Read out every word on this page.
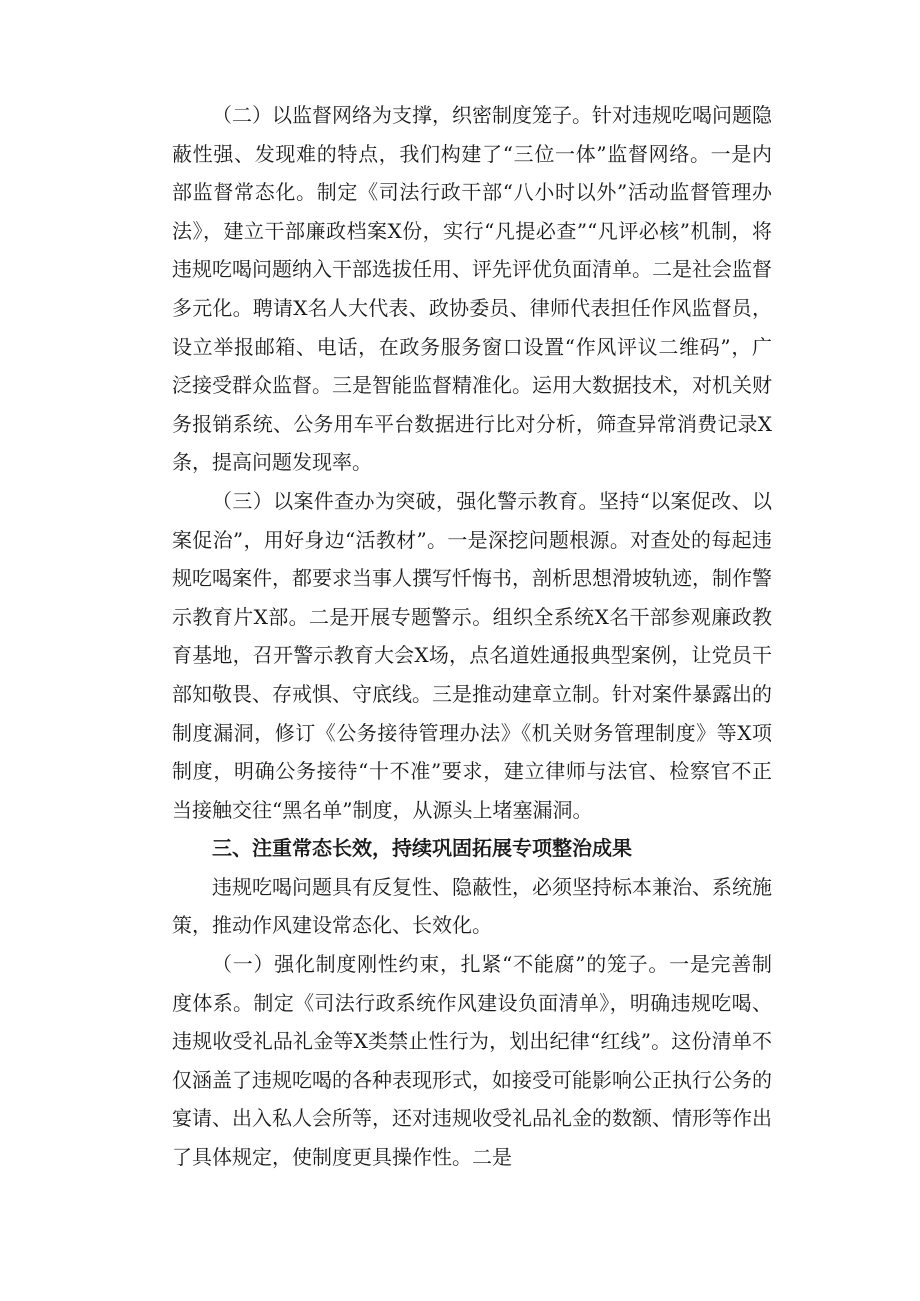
（二）以监督网络为支撑，织密制度笼子。针对违规吃喝问题隐蔽性强、发现难的特点，我们构建了“三位一体”监督网络。一是内部监督常态化。制定《司法行政干部“八小时以外”活动监督管理办法》，建立干部廉政档案X份，实行“凡提必查”“凡评必核”机制，将违规吃喝问题纳入干部选拔任用、评先评优负面清单。二是社会监督多元化。聘请X名人大代表、政协委员、律师代表担任作风监督员，设立举报邮箱、电话，在政务服务窗口设置“作风评议二维码”，广泛接受群众监督。三是智能监督精准化。运用大数据技术，对机关财务报销系统、公务用车平台数据进行比对分析，筛查异常消费记录X条，提高问题发现率。

（三）以案件查办为突破，强化警示教育。坚持“以案促改、以案促治”，用好身边“活教材”。一是深挖问题根源。对查处的每起违规吃喝案件，都要求当事人撰写忏悔书，剖析思想滑坡轨迹，制作警示教育片X部。二是开展专题警示。组织全系统X名干部参观廉政教育基地，召开警示教育大会X场，点名道姓通报典型案例，让党员干部知敬畏、存戒惧、守底线。三是推动建章立制。针对案件暴露出的制度漏洞，修订《公务接待管理办法》《机关财务管理制度》等X项制度，明确公务接待“十不准”要求，建立律师与法官、检察官不正当接触交往“黑名单”制度，从源头上堵塞漏洞。

三、注重常态长效，持续巩固拓展专项整治成果

违规吃喝问题具有反复性、隐蔽性，必须坚持标本兼治、系统施策，推动作风建设常态化、长效化。

（一）强化制度刚性约束，扎紧“不能腐”的笼子。一是完善制度体系。制定《司法行政系统作风建设负面清单》，明确违规吃喝、违规收受礼品礼金等X类禁止性行为，划出纪律“红线”。这份清单不仅涵盖了违规吃喝的各种表现形式，如接受可能影响公正执行公务的宴请、出入私人会所等，还对违规收受礼品礼金的数额、情形等作出了具体规定，使制度更具操作性。二是
